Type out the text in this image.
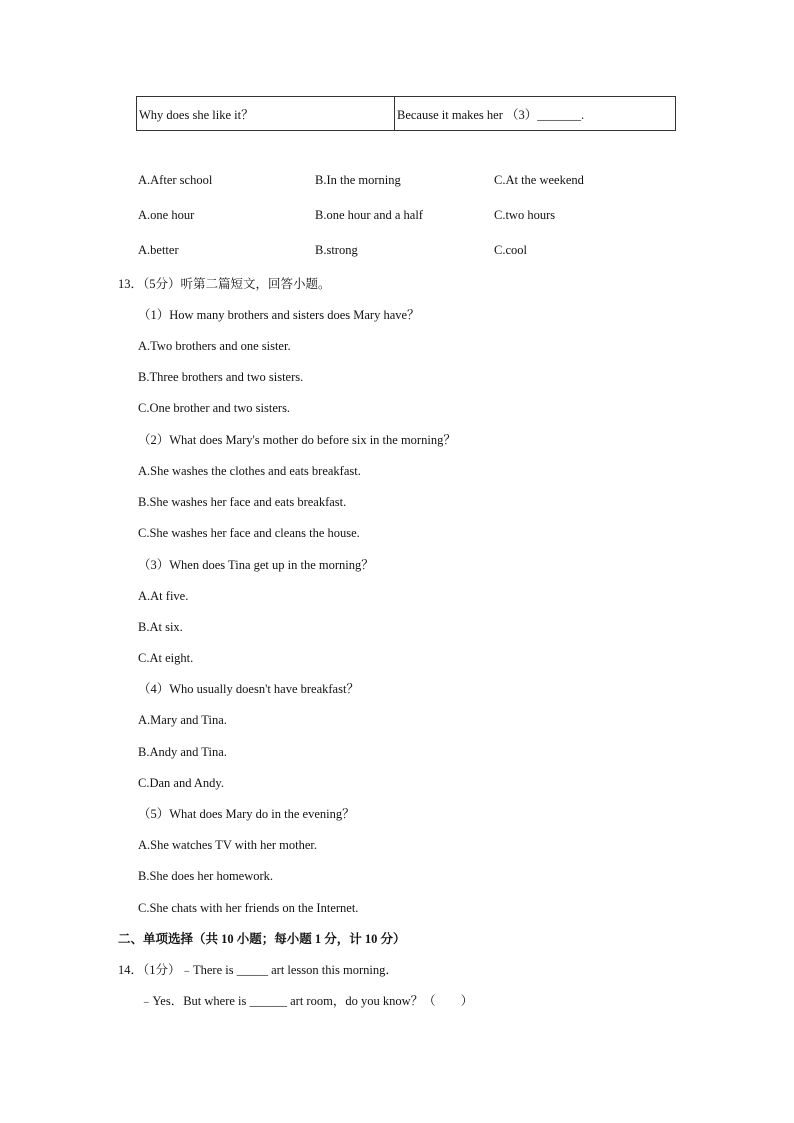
Why does she like it？	Because it makes her （3）_______.
A.After school	B.In the morning	C.At the weekend
A.one hour	B.one hour and a half	C.two hours
A.better	B.strong	C.cool
13．（5分）听第二篇短文，回答小题。
（1）How many brothers and sisters does Mary have？
A.Two brothers and one sister.
B.Three brothers and two sisters.
C.One brother and two sisters.
（2）What does Mary's mother do before six in the morning？
A.She washes the clothes and eats breakfast.
B.She washes her face and eats breakfast.
C.She washes her face and cleans the house.
（3）When does Tina get up in the morning？
A.At five.
B.At six.
C.At eight.
（4）Who usually doesn't have breakfast？
A.Mary and Tina.
B.Andy and Tina.
C.Dan and Andy.
（5）What does Mary do in the evening？
A.She watches TV with her mother.
B.She does her homework.
C.She chats with her friends on the Internet.
二、单项选择（共 10 小题；每小题 1 分，计 10 分）
14．（1分）﹣There is _____ art lesson this morning．
﹣Yes．But where is ______ art room，do you know？（　　）
